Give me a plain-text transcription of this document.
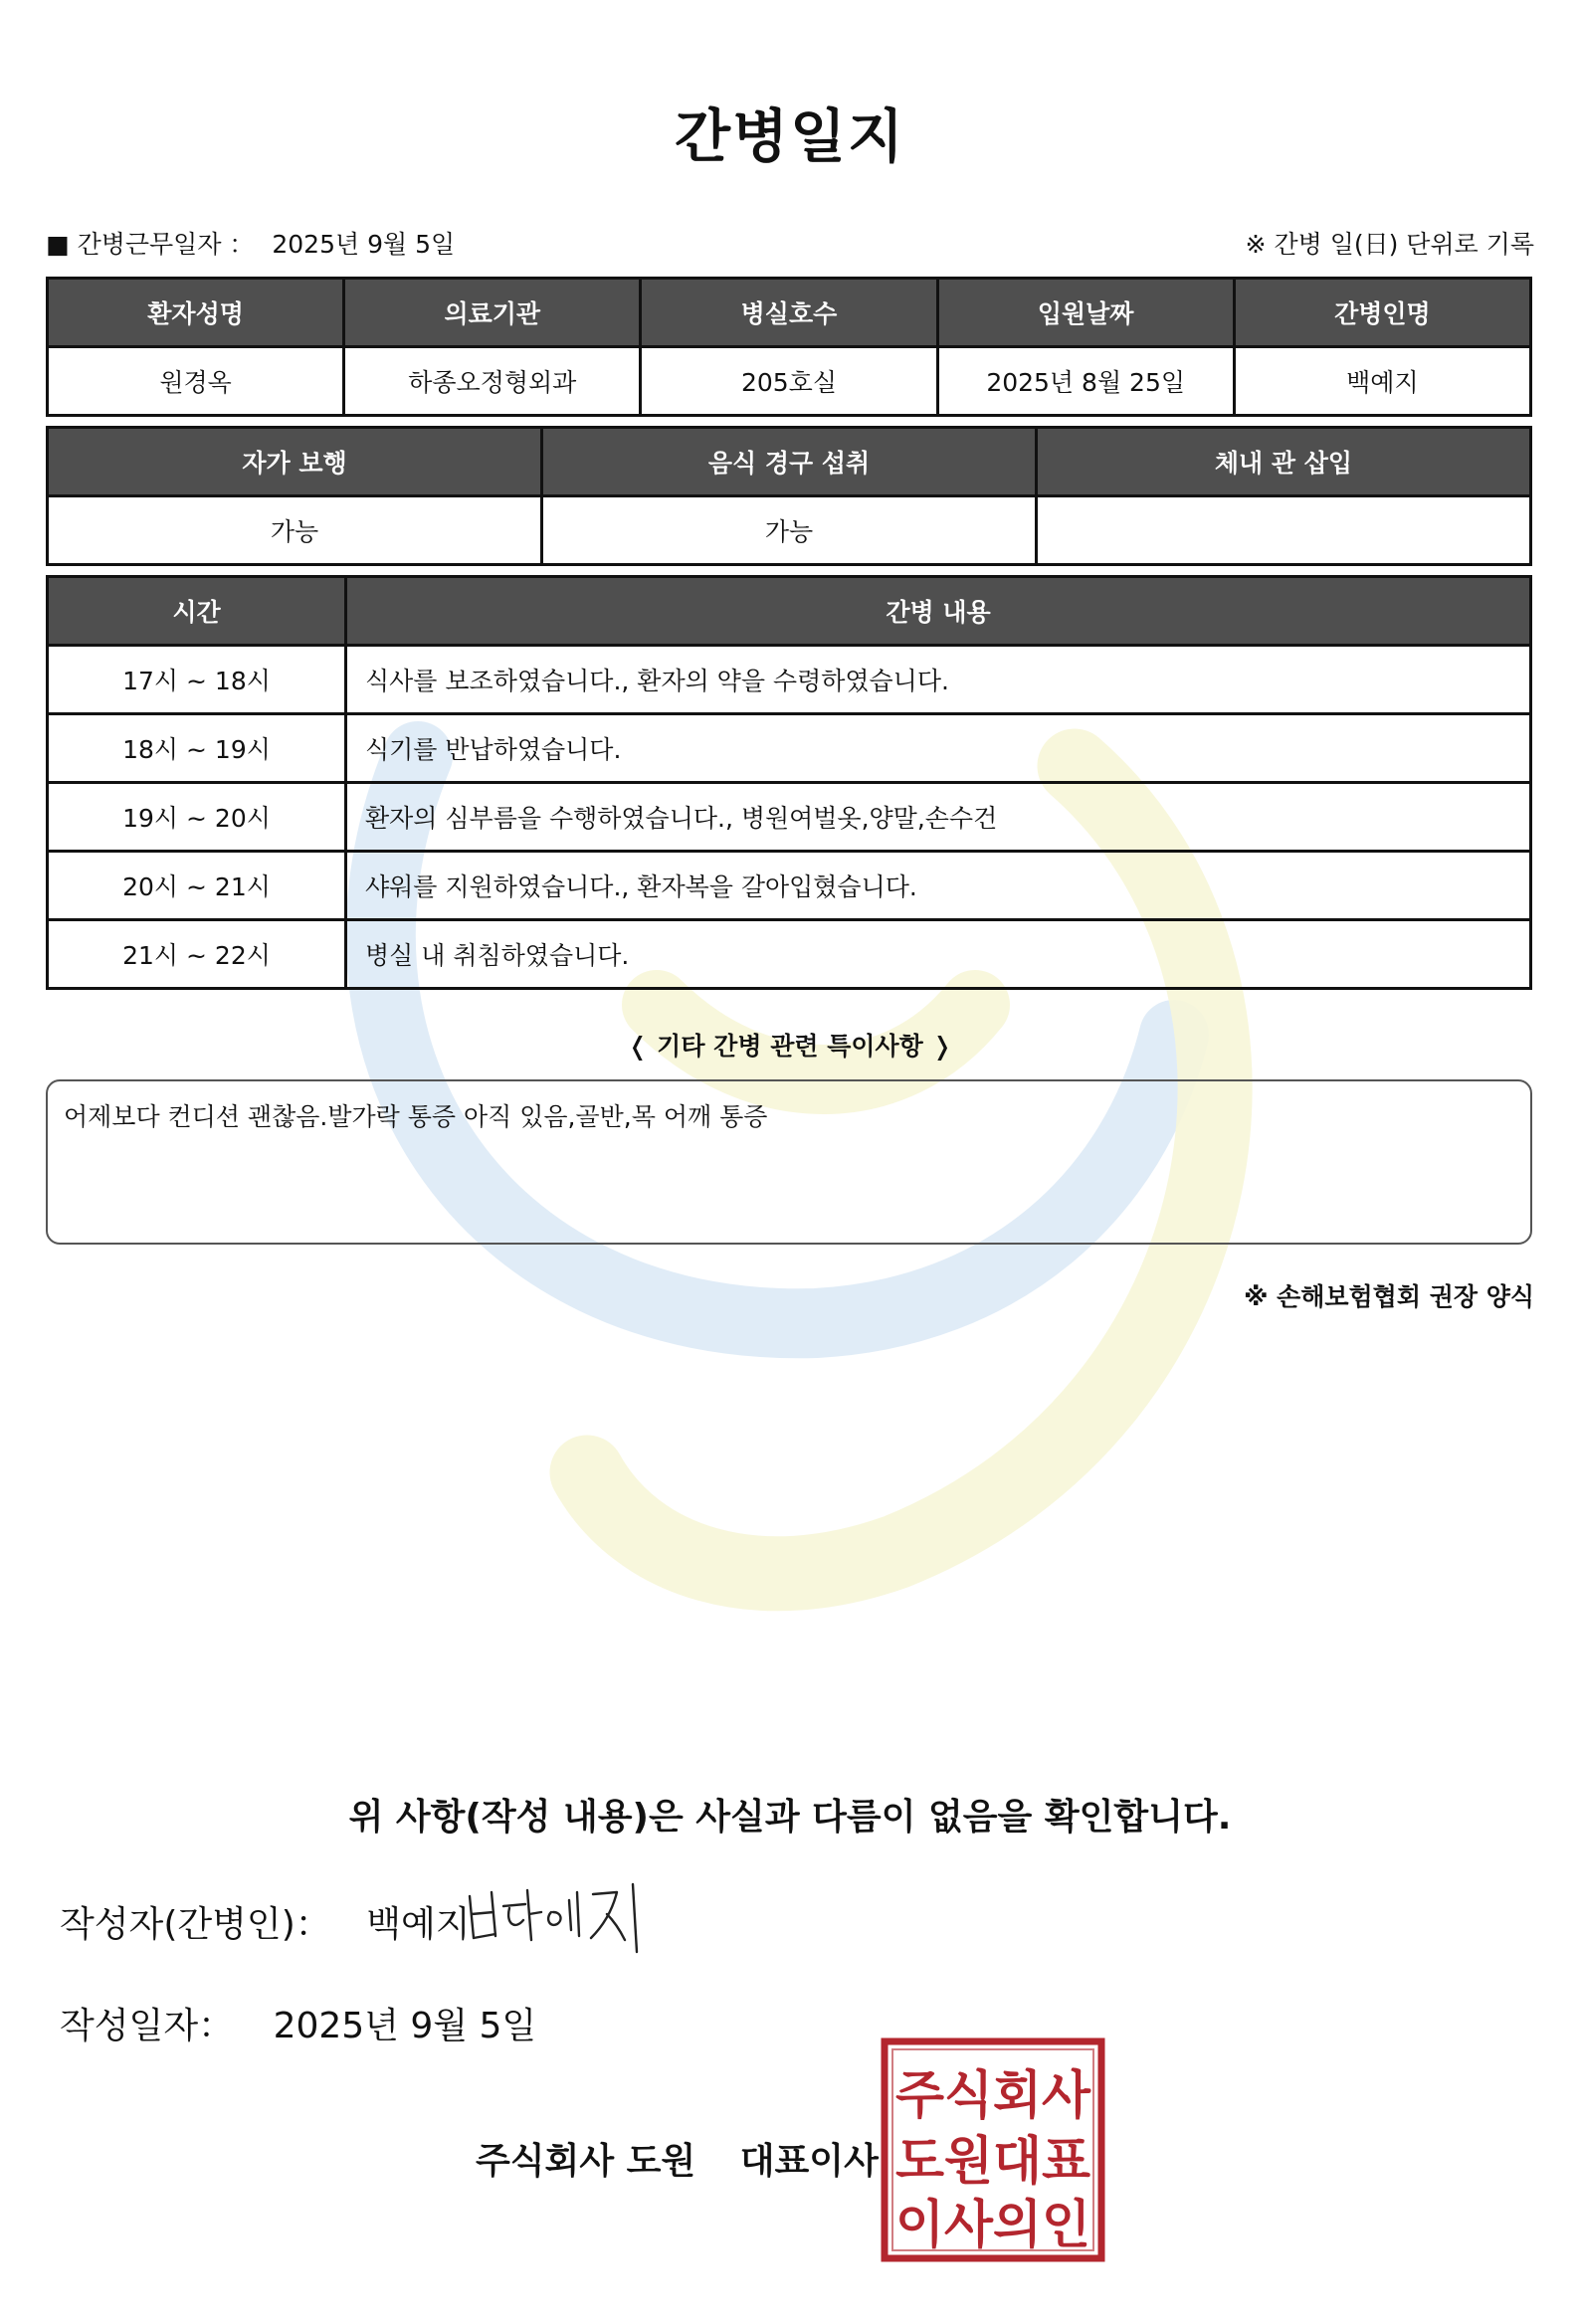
간병일지
■ 간병근무일자 ： 2025년 9월 5일	※ 간병 일(日) 단위로 기록
환자성명	의료기관	병실호수	입원날짜	간병인명
원경옥	하종오정형외과	205호실	2025년 8월 25일	백예지
자가 보행	음식 경구 섭취	체내 관 삽입
가능	가능	
시간	간병 내용
17시 ~ 18시	식사를 보조하였습니다., 환자의 약을 수령하였습니다.
18시 ~ 19시	식기를 반납하였습니다.
19시 ~ 20시	환자의 심부름을 수행하였습니다., 병원여벌옷,양말,손수건
20시 ~ 21시	샤워를 지원하였습니다., 환자복을 갈아입혔습니다.
21시 ~ 22시	병실 내 취침하였습니다.
❬ 기타 간병 관련 특이사항 ❭
어제보다 컨디션 괜찮음.발가락 통증 아직 있음,골반,목 어깨 통증
※ 손해보험협회 권장 양식
위 사항(작성 내용)은 사실과 다름이 없음을 확인합니다.
작성자(간병인)： 백예지
작성일자： 2025년 9월 5일
주식회사 도원 대표이사
주식회사
도원대표
이사의인
